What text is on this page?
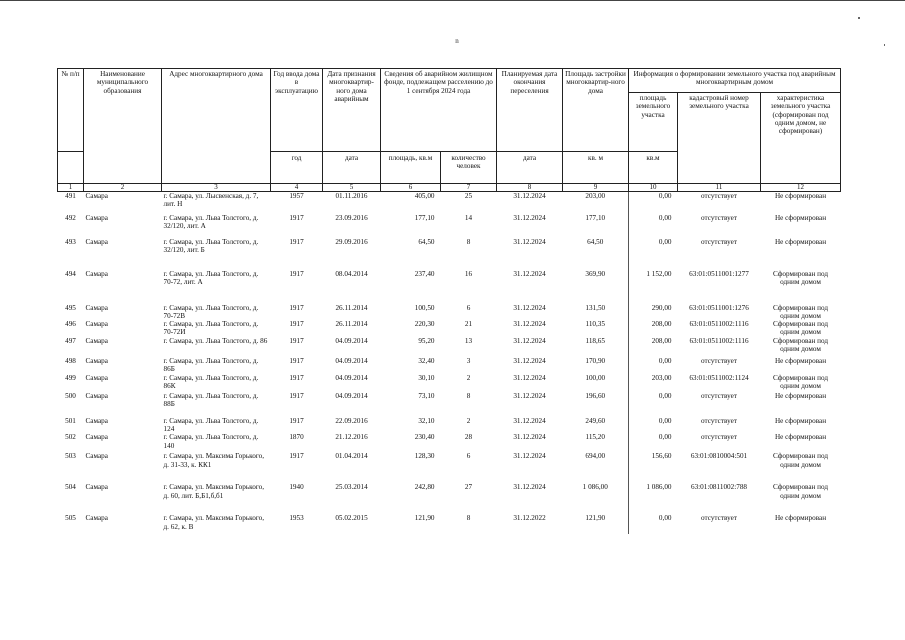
n
№ п/п	Наименование муниципального образования	Адрес многоквартирного дома	Год ввода дома в эксплуатацию	Дата признания многоквартир-ного дома аварийным	Сведения об аварийном жилищном фонде, подлежащем расселению до 1 сентября 2024 года		Планируемая дата окончания переселения	Площадь застройки многоквартир-ного дома	Информация о формировании земельного участка под аварийным многоквартирным домом		
									площадь земельного участка	кадастровый номер земельного участка	характеристика земельного участка (сформирован под одним домом, не сформирован)
			год	дата	площадь, кв.м	количество человек	дата	кв. м	кв.м		
1	2	3	4	5	6	7	8	9	10	11	12
491	Самара	г. Самара, ул. Лысвенская, д. 7, лит. Н	1957	01.11.2016	405,00	25	31.12.2024	203,00	0,00	отсутствует	Не сформирован
492	Самара	г. Самара, ул. Льва Толстого, д. 32/120, лит. А	1917	23.09.2016	177,10	14	31.12.2024	177,10	0,00	отсутствует	Не сформирован
493	Самара	г. Самара, ул. Льва Толстого, д. 32/120, лит. Б	1917	29.09.2016	64,50	8	31.12.2024	64,50	0,00	отсутствует	Не сформирован
494	Самара	г. Самара, ул. Льва Толстого, д. 70-72, лит. А	1917	08.04.2014	237,40	16	31.12.2024	369,90	1 152,00	63:01:0511001:1277	Сформирован под одним домом
495	Самара	г. Самара, ул. Льва Толстого, д. 70-72В	1917	26.11.2014	100,50	6	31.12.2024	131,50	290,00	63:01:0511001:1276	Сформирован под одним домом
496	Самара	г. Самара, ул. Льва Толстого, д. 70-72И	1917	26.11.2014	220,30	21	31.12.2024	110,35	208,00	63:01:0511002:1116	Сформирован под одним домом
497	Самара	г. Самара, ул. Льва Толстого, д. 86	1917	04.09.2014	95,20	13	31.12.2024	118,65	208,00	63:01:0511002:1116	Сформирован под одним домом
498	Самара	г. Самара, ул. Льва Толстого, д. 86Б	1917	04.09.2014	32,40	3	31.12.2024	170,90	0,00	отсутствует	Не сформирован
499	Самара	г. Самара, ул. Льва Толстого, д. 86К	1917	04.09.2014	30,10	2	31.12.2024	100,00	203,00	63:01:0511002:1124	Сформирован под одним домом
500	Самара	г. Самара, ул. Льва Толстого, д. 88Б	1917	04.09.2014	73,10	8	31.12.2024	196,60	0,00	отсутствует	Не сформирован
501	Самара	г. Самара, ул. Льва Толстого, д. 124	1917	22.09.2016	32,10	2	31.12.2024	249,60	0,00	отсутствует	Не сформирован
502	Самара	г. Самара, ул. Льва Толстого, д. 140	1870	21.12.2016	230,40	28	31.12.2024	115,20	0,00	отсутствует	Не сформирован
503	Самара	г. Самара, ул. Максима Горького, д. 31-33, к. КК1	1917	01.04.2014	128,30	6	31.12.2024	694,00	156,60	63:01:0810004:501	Сформирован под одним домом
504	Самара	г. Самара, ул. Максима Горького, д. 60, лит. Б,Б1,б,б1	1940	25.03.2014	242,80	27	31.12.2024	1 086,00	1 086,00	63:01:0811002:788	Сформирован под одним домом
505	Самара	г. Самара, ул. Максима Горького, д. 62, к. В	1953	05.02.2015	121,90	8	31.12.2022	121,90	0,00	отсутствует	Не сформирован
